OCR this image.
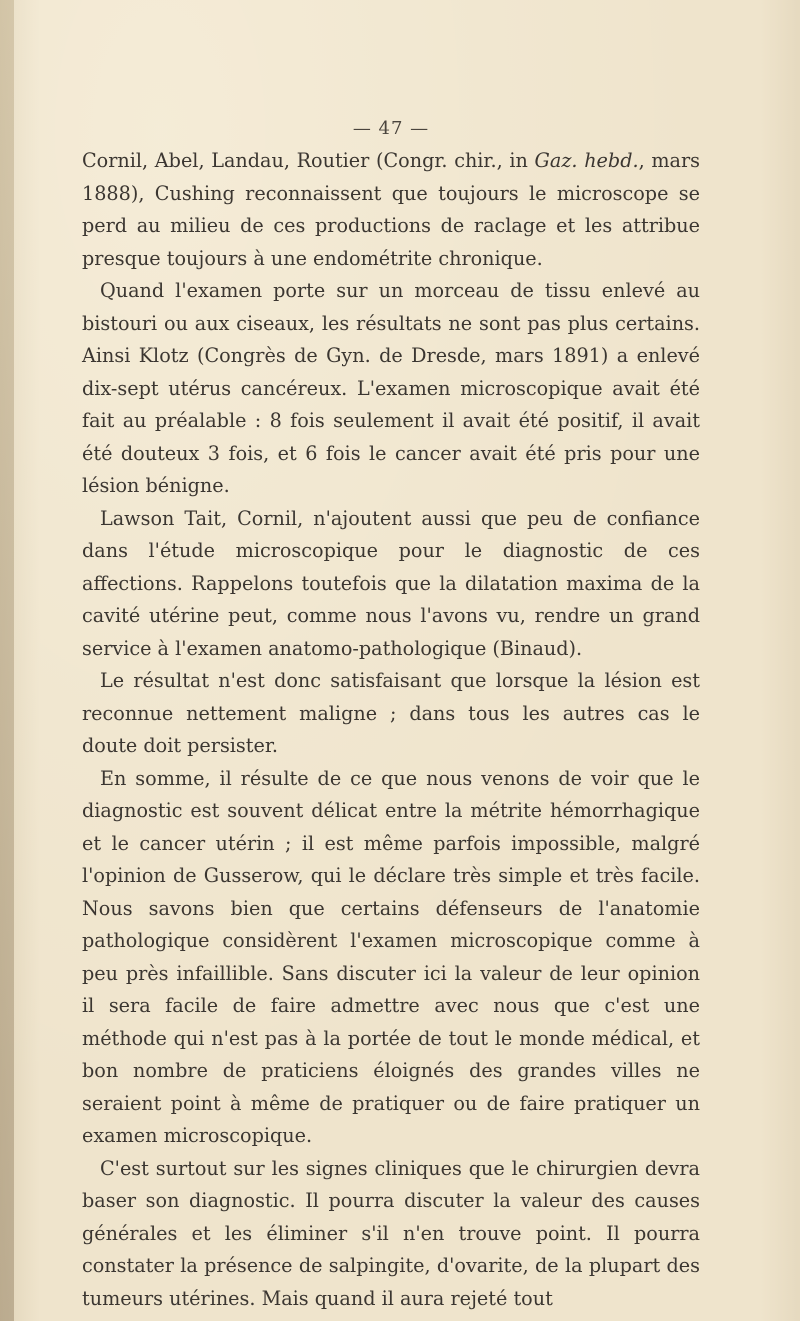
— 47 —

Cornil, Abel, Landau, Routier (Congr. chir., in Gaz. hebd., mars 1888), Cushing reconnaissent que toujours le microscope se perd au milieu de ces productions de raclage et les attribue presque toujours à une endométrite chronique.

Quand l'examen porte sur un morceau de tissu enlevé au bistouri ou aux ciseaux, les résultats ne sont pas plus certains. Ainsi Klotz (Congrès de Gyn. de Dresde, mars 1891) a enlevé dix-sept utérus cancéreux. L'examen microscopique avait été fait au préalable : 8 fois seulement il avait été positif, il avait été douteux 3 fois, et 6 fois le cancer avait été pris pour une lésion bénigne.

Lawson Tait, Cornil, n'ajoutent aussi que peu de confiance dans l'étude microscopique pour le diagnostic de ces affections. Rappelons toutefois que la dilatation maxima de la cavité utérine peut, comme nous l'avons vu, rendre un grand service à l'examen anatomo-pathologique (Binaud).

Le résultat n'est donc satisfaisant que lorsque la lésion est reconnue nettement maligne ; dans tous les autres cas le doute doit persister.

En somme, il résulte de ce que nous venons de voir que le diagnostic est souvent délicat entre la métrite hémorrhagique et le cancer utérin ; il est même parfois impossible, malgré l'opinion de Gusserow, qui le déclare très simple et très facile. Nous savons bien que certains défenseurs de l'anatomie pathologique considèrent l'examen microscopique comme à peu près infaillible. Sans discuter ici la valeur de leur opinion il sera facile de faire admettre avec nous que c'est une méthode qui n'est pas à la portée de tout le monde médical, et bon nombre de praticiens éloignés des grandes villes ne seraient point à même de pratiquer ou de faire pratiquer un examen microscopique.

C'est surtout sur les signes cliniques que le chirurgien devra baser son diagnostic. Il pourra discuter la valeur des causes générales et les éliminer s'il n'en trouve point. Il pourra constater la présence de salpingite, d'ovarite, de la plupart des tumeurs utérines. Mais quand il aura rejeté tout
